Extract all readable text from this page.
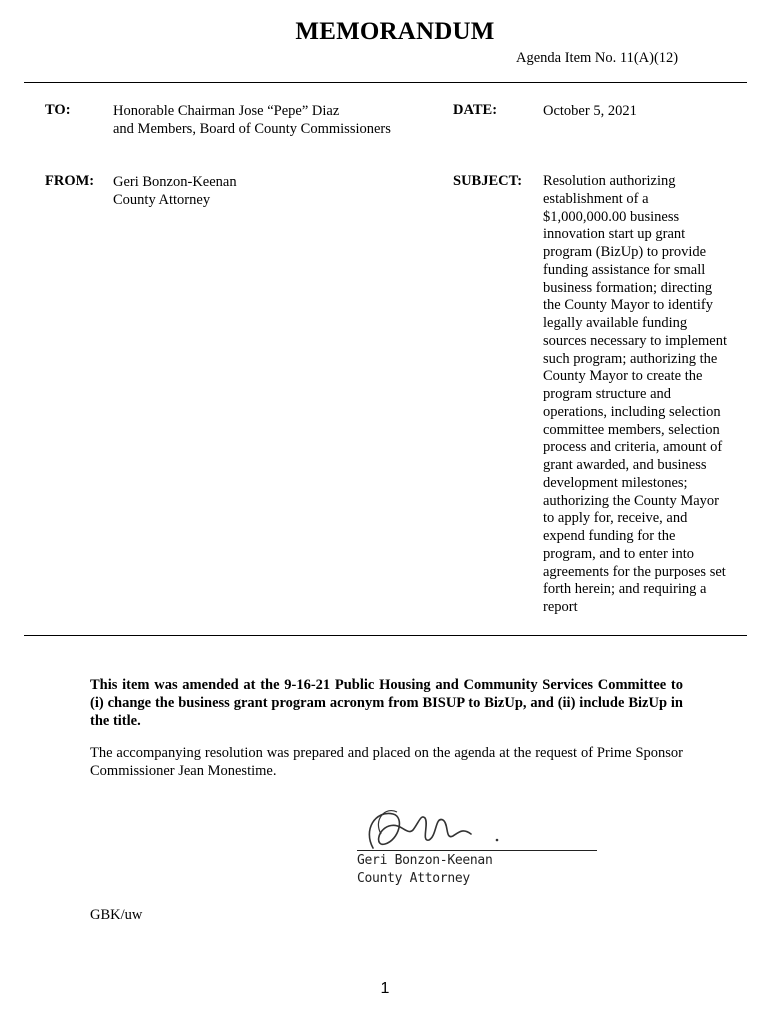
MEMORANDUM
Agenda Item No. 11(A)(12)
TO:	Honorable Chairman Jose “Pepe” Diaz
and Members, Board of County Commissioners
DATE:	October 5, 2021
FROM: Geri Bonzon-Keenan
County Attorney
SUBJECT: Resolution authorizing
establishment of a
$1,000,000.00 business
innovation start up grant
program (BizUp) to provide
funding assistance for small
business formation; directing
the County Mayor to identify
legally available funding
sources necessary to implement
such program; authorizing the
County Mayor to create the
program structure and
operations, including selection
committee members, selection
process and criteria, amount of
grant awarded, and business
development milestones;
authorizing the County Mayor
to apply for, receive, and
expend funding for the
program, and to enter into
agreements for the purposes set
forth herein; and requiring a
report
This item was amended at the 9-16-21 Public Housing and Community Services Committee to (i) change the business grant program acronym from BISUP to BizUp, and (ii) include BizUp in the title.
The accompanying resolution was prepared and placed on the agenda at the request of Prime Sponsor Commissioner Jean Monestime.
Geri Bonzon-Keenan
County Attorney
GBK/uw
1
